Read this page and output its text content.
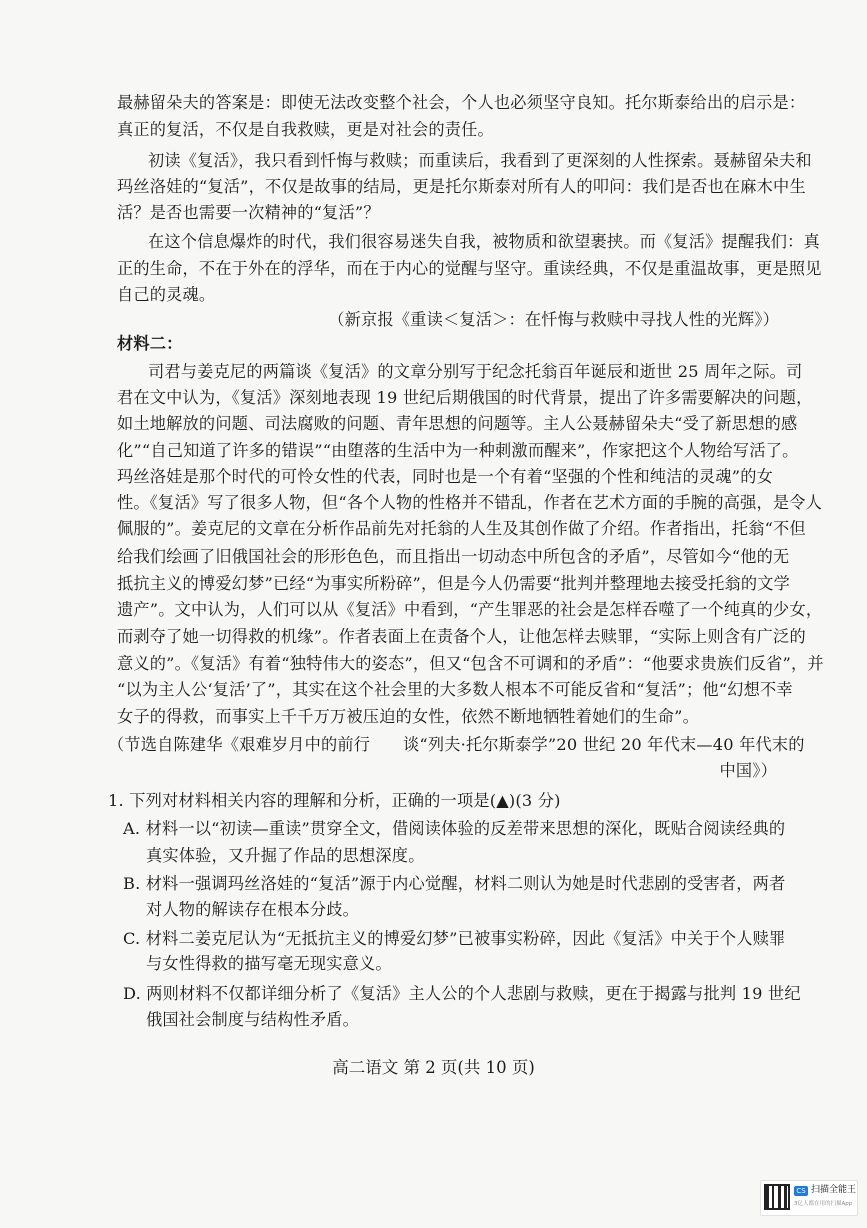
最赫留朵夫的答案是：即使无法改变整个社会，个人也必须坚守良知。托尔斯泰给出的启示是：
真正的复活，不仅是自我救赎，更是对社会的责任。
初读《复活》，我只看到忏悔与救赎；而重读后，我看到了更深刻的人性探索。聂赫留朵夫和
玛丝洛娃的“复活”，不仅是故事的结局，更是托尔斯泰对所有人的叩问：我们是否也在麻木中生
活？是否也需要一次精神的“复活”？
在这个信息爆炸的时代，我们很容易迷失自我，被物质和欲望裹挟。而《复活》提醒我们：真
正的生命，不在于外在的浮华，而在于内心的觉醒与坚守。重读经典，不仅是重温故事，更是照见
自己的灵魂。
（新京报《重读＜复活＞：在忏悔与救赎中寻找人性的光辉》）
材料二：
司君与姜克尼的两篇谈《复活》的文章分别写于纪念托翁百年诞辰和逝世 25 周年之际。司
君在文中认为，《复活》深刻地表现 19 世纪后期俄国的时代背景，提出了许多需要解决的问题，
如土地解放的问题、司法腐败的问题、青年思想的问题等。主人公聂赫留朵夫“受了新思想的感
化”“自己知道了许多的错误”“由堕落的生活中为一种刺激而醒来”，作家把这个人物给写活了。
玛丝洛娃是那个时代的可怜女性的代表，同时也是一个有着“坚强的个性和纯洁的灵魂”的女
性。《复活》写了很多人物，但“各个人物的性格并不错乱，作者在艺术方面的手腕的高强，是令人
佩服的”。姜克尼的文章在分析作品前先对托翁的人生及其创作做了介绍。作者指出，托翁“不但
给我们绘画了旧俄国社会的形形色色，而且指出一切动态中所包含的矛盾”，尽管如今“他的无
抵抗主义的博爱幻梦”已经“为事实所粉碎”，但是今人仍需要“批判并整理地去接受托翁的文学
遗产”。文中认为，人们可以从《复活》中看到，“产生罪恶的社会是怎样吞噬了一个纯真的少女，
而剥夺了她一切得救的机缘”。作者表面上在责备个人，让他怎样去赎罪，“实际上则含有广泛的
意义的”。《复活》有着“独特伟大的姿态”，但又“包含不可调和的矛盾”：“他要求贵族们反省”，并
“以为主人公‘复活’了”，其实在这个社会里的大多数人根本不可能反省和“复活”；他“幻想不幸
女子的得救，而事实上千千万万被压迫的女性，依然不断地牺牲着她们的生命”。
（节选自陈建华《艰难岁月中的前行　　谈“列夫·托尔斯泰学”20 世纪 20 年代末—40 年代末的
中国》）
1. 下列对材料相关内容的理解和分析，正确的一项是(▲)(3 分)
A. 材料一以“初读—重读”贯穿全文，借阅读体验的反差带来思想的深化，既贴合阅读经典的
真实体验，又升掘了作品的思想深度。
B. 材料一强调玛丝洛娃的“复活”源于内心觉醒，材料二则认为她是时代悲剧的受害者，两者
对人物的解读存在根本分歧。
C. 材料二姜克尼认为“无抵抗主义的博爱幻梦”已被事实粉碎，因此《复活》中关于个人赎罪
与女性得救的描写毫无现实意义。
D. 两则材料不仅都详细分析了《复活》主人公的个人悲剧与救赎，更在于揭露与批判 19 世纪
俄国社会制度与结构性矛盾。
高二语文 第 2 页(共 10 页)
CS 扫描全能王
3亿人都在用的扫描App
